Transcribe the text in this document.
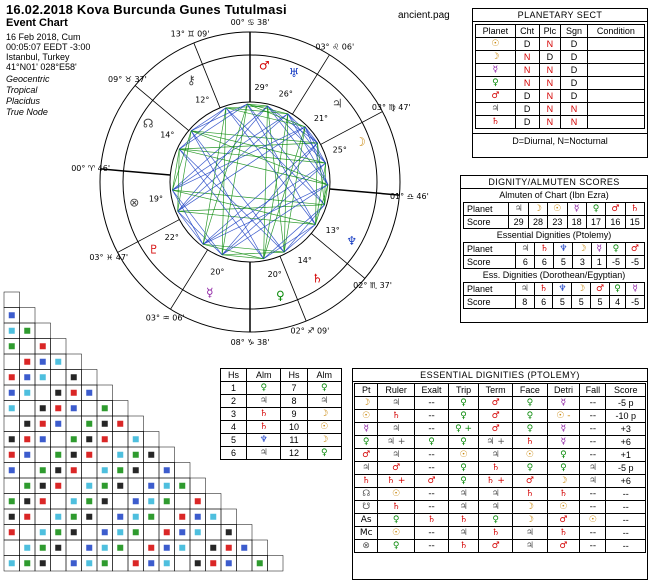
16.02.2018 Kova Burcunda Gunes Tutulmasi
Event Chart
16 Feb 2018, Cum
00:05:07 EEDT -3:00
Istanbul, Turkey
41°N01' 028°E58'
Geocentric
Tropical
Placidus
True Node
ancient.pag
00° ♋ 38'
03° ♌ 06'
03° ♍ 47'
01° ♎ 46'
02° ♏ 37'
02° ♐ 09'
08° ♑ 38'
03° ♒ 06'
03° ♓ 47'
00° ♈ 46'
09° ♉ 37'
13° ♊ 09'
♂
29°
♅
26°
♃
21°
☽
25°
♆
13°
♄
14°
♀
20°
☿
20°
♇
22°
⊗ 19°
☊
14°
⚷
12°
PLANETARY SECT
Planet	Cht	Plc	Sgn	Condition
☉	D	N	D	
☽	N	D	D	
☿	N	N	D	
♀	N	N	D	
♂	D	N	D	
♃	D	N	N	
♄	D	N	N	
D=Diurnal, N=Nocturnal
DIGNITY/ALMUTEN SCORES
Almuten of Chart (Ibn Ezra)
Planet	♃	☽	☉	☿	♀	♂	♄
Score	29	28	23	18	17	16	15
Essential Dignities (Ptolemy)
Planet	♃	♄	♆	☽	☿	♀	♂
Score	6	6	5	3	1	-5	-5
Ess. Dignities (Dorothean/Egyptian)
Planet	♃	♄	♆	☽	♂	♀	☿
Score	8	6	5	5	5	4	-5
Hs	Alm	Hs	Alm
1	♀	7	♀
2	♃	8	♃
3	♄	9	☽
4	♄	10	☉
5	♆	11	☽
6	♃	12	♀
ESSENTIAL DIGNITIES (PTOLEMY)
Pt	Ruler	Exalt	Trip	Term	Face	Detri	Fall	Score
☽	♃	--	♀	♂	♀	☿	--	-5 p
☉	♄	--	♀	♂	♀	☉ -	--	-10 p
☿	♃	--	♀ +	♂	♀	☿	--	+3
♀	♃ +	♀	♀	♃ +	♄	☿	--	+6
♂	♃	--	☉	♃	☉	♀	--	+1
♃	♂	--	♀	♄	♀	♀	♃	-5 p
♄	♄ +	♂	♀	♄ +	♂	☽	♃	+6
☊	☉	--	♃	♃	♄	♄	--	--
☋	♄	--	♃	♃	☽	☉	--	--
As	♀	♄	♄	♀	☽	♂	☉	--
Mc	☉	--	♃	♄	♃	♄	--	--
⊗	♀	--	♄	♂	♃	♂	--	--
